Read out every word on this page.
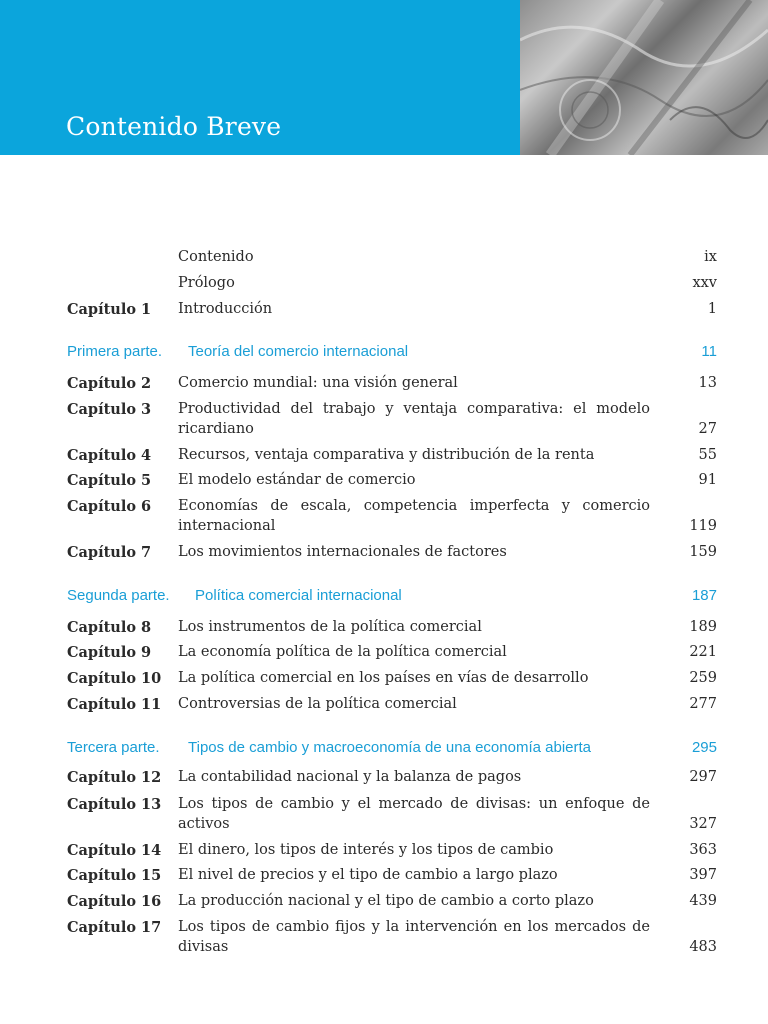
Contenido Breve
Contenido	ix
Prólogo	xxv
Capítulo 1 Introducción	1
Primera parte. Teoría del comercio internacional	11
Capítulo 2 Comercio mundial: una visión general	13
Capítulo 3 Productividad del trabajo y ventaja comparativa: el modelo ricardiano	27
Capítulo 4 Recursos, ventaja comparativa y distribución de la renta	55
Capítulo 5 El modelo estándar de comercio	91
Capítulo 6 Economías de escala, competencia imperfecta y comercio internacional	119
Capítulo 7 Los movimientos internacionales de factores	159
Segunda parte. Política comercial internacional	187
Capítulo 8 Los instrumentos de la política comercial	189
Capítulo 9 La economía política de la política comercial	221
Capítulo 10 La política comercial en los países en vías de desarrollo	259
Capítulo 11 Controversias de la política comercial	277
Tercera parte. Tipos de cambio y macroeconomía de una economía abierta	295
Capítulo 12 La contabilidad nacional y la balanza de pagos	297
Capítulo 13 Los tipos de cambio y el mercado de divisas: un enfoque de activos	327
Capítulo 14 El dinero, los tipos de interés y los tipos de cambio	363
Capítulo 15 El nivel de precios y el tipo de cambio a largo plazo	397
Capítulo 16 La producción nacional y el tipo de cambio a corto plazo	439
Capítulo 17 Los tipos de cambio fijos y la intervención en los mercados de divisas	483
